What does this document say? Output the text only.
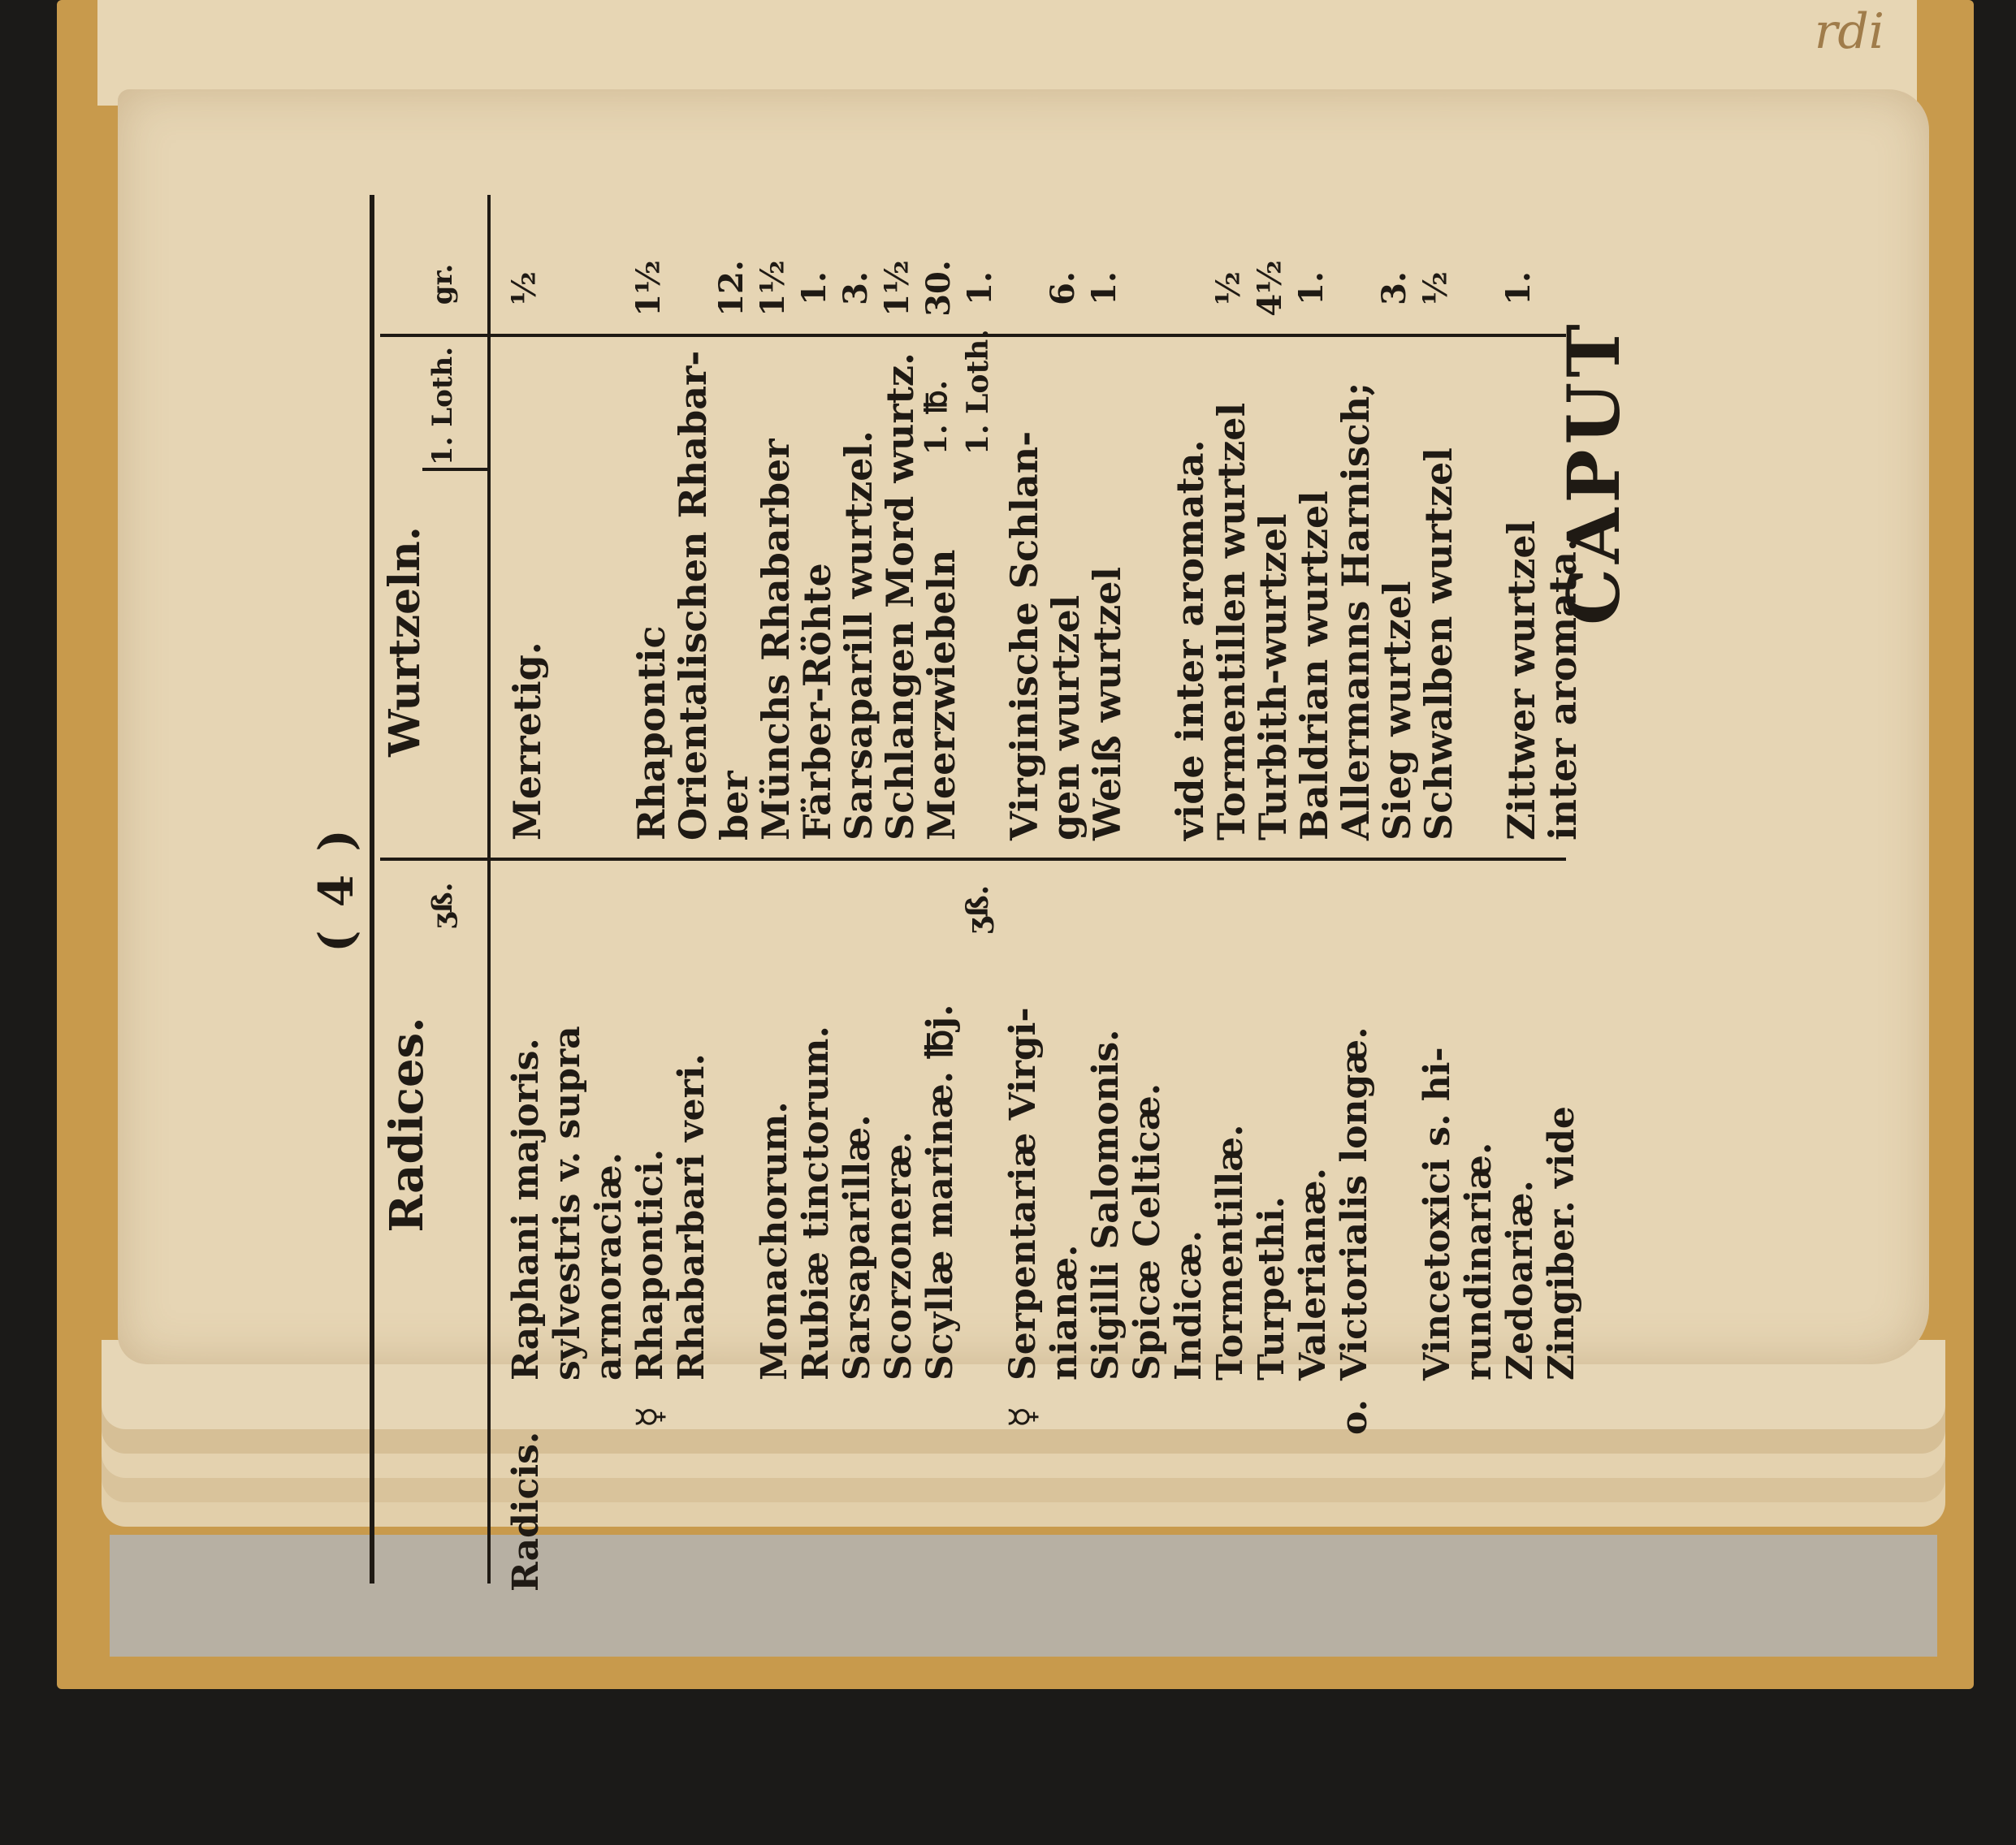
rdi
( 4 )
Radices.
ʒß.
Wurtzeln.
1. Loth.
gr.
Radicis.
Raphani majoris.
Merretig.
½
sylvestris v. supra armoraciæ.
☿
Rhapontici.
Rhapontic
1½
Rhabarbari veri.
Orientalischen Rhabar-
ber
12.
Monachorum.
Münchs Rhabarber
1½
Rubiæ tinctorum.
Färber-Röhte
1.
Sarsaparillæ.
Sarsaparill wurtzel.
3.
Scorzoneræ.
Schlangen Mord wurtz.
1½
Scyllæ marinæ. ℔j.
Meerzwiebeln
1. ℔.
30.
ʒß.
1. Loth.
1.
☿
Serpentariæ Virgi-
Virginische Schlan-
nianæ.
gen wurtzel
6.
Sigilli Salomonis.
Weiß wurtzel
1.
Spicæ Celticæ. Indicæ.
vide inter aromata.
Tormentillæ.
Tormentillen wurtzel
½
Turpethi.
Turbith-wurtzel
4½
Valerianæ.
Baldrian wurtzel
1.
o.
Victorialis longæ.
Allermanns Harnisch;
Sieg wurtzel
3.
Vincetoxici s. hi-
Schwalben wurtzel
½
rundinariæ. Zedoariæ.
Zittwer wurtzel
1.
Zingiber. vide
inter aromata.
CAPUT
